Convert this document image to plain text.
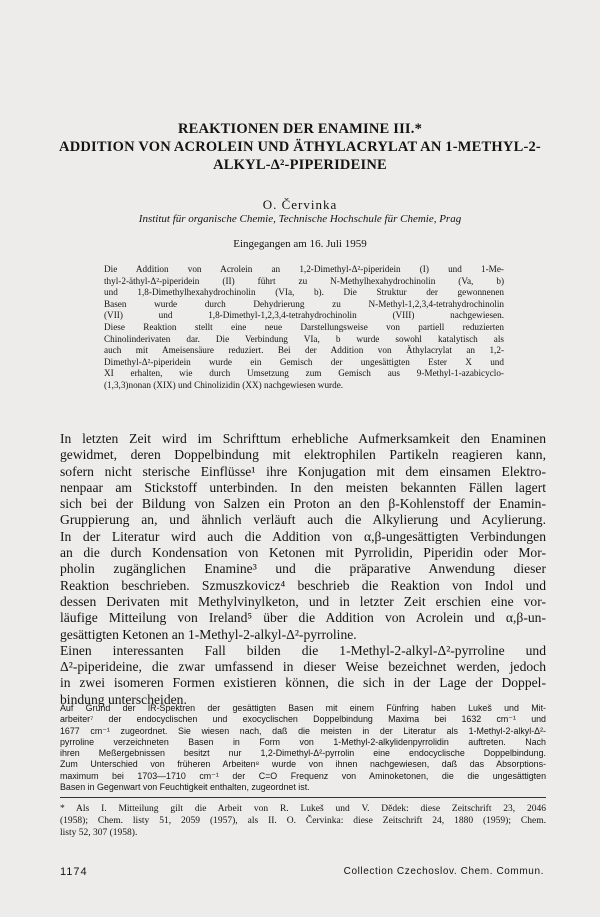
REAKTIONEN DER ENAMINE III.*
ADDITION VON ACROLEIN UND ÄTHYLACRYLAT AN 1-METHYL-2-
ALKYL-Δ²-PIPERIDEINE
O. Červinka
Institut für organische Chemie, Technische Hochschule für Chemie, Prag
Eingegangen am 16. Juli 1959
Die Addition von Acrolein an 1,2-Dimethyl-Δ²-piperidein (I) und 1-Me-
thyl-2-äthyl-Δ²-piperidein (II) führt zu N-Methylhexahydrochinolin (Va, b)
und 1,8-Dimethylhexahydrochinolin (VIa, b). Die Struktur der gewonnenen
Basen wurde durch Dehydrierung zu N-Methyl-1,2,3,4-tetrahydrochinolin
(VII) und 1,8-Dimethyl-1,2,3,4-tetrahydrochinolin (VIII) nachgewiesen.
Diese Reaktion stellt eine neue Darstellungsweise von partiell reduzierten
Chinolinderivaten dar. Die Verbindung VIa, b wurde sowohl katalytisch als
auch mit Ameisensäure reduziert. Bei der Addition von Äthylacrylat an 1,2-
Dimethyl-Δ²-piperidein wurde ein Gemisch der ungesättigten Ester X und
XI erhalten, wie durch Umsetzung zum Gemisch aus 9-Methyl-1-azabicyclo-
(1,3,3)nonan (XIX) und Chinolizidin (XX) nachgewiesen wurde.
In letzten Zeit wird im Schrifttum erhebliche Aufmerksamkeit den Enaminen
gewidmet, deren Doppelbindung mit elektrophilen Partikeln reagieren kann,
sofern nicht sterische Einflüsse¹ ihre Konjugation mit dem einsamen Elektro-
nenpaar am Stickstoff unterbinden. In den meisten bekannten Fällen lagert
sich bei der Bildung von Salzen ein Proton an den β-Kohlenstoff der Enamin-
Gruppierung an, und ähnlich verläuft auch die Alkylierung und Acylierung.
In der Literatur wird auch die Addition von α,β-ungesättigten Verbindungen
an die durch Kondensation von Ketonen mit Pyrrolidin, Piperidin oder Mor-
pholin zugänglichen Enamine³ und die präparative Anwendung dieser
Reaktion beschrieben. Szmuszkovicz⁴ beschrieb die Reaktion von Indol und
dessen Derivaten mit Methylvinylketon, und in letzter Zeit erschien eine vor-
läufige Mitteilung von Ireland⁵ über die Addition von Acrolein und α,β-un-
gesättigten Ketonen an 1-Methyl-2-alkyl-Δ²-pyrroline.
Einen interessanten Fall bilden die 1-Methyl-2-alkyl-Δ²-pyrroline und
Δ²-piperideine, die zwar umfassend in dieser Weise bezeichnet werden, jedoch
in zwei isomeren Formen existieren können, die sich in der Lage der Doppel-
bindung unterscheiden.
Auf Grund der IR-Spektren der gesättigten Basen mit einem Fünfring haben Lukeš und Mit-
arbeiter⁷ der endocyclischen und exocyclischen Doppelbindung Maxima bei 1632 cm⁻¹ und
1677 cm⁻¹ zugeordnet. Sie wiesen nach, daß die meisten in der Literatur als 1-Methyl-2-alkyl-Δ²-
pyrroline verzeichneten Basen in Form von 1-Methyl-2-alkylidenpyrrolidin auftreten. Nach
ihren Meßergebnissen besitzt nur 1,2-Dimethyl-Δ²-pyrrolin eine endocyclische Doppelbindung.
Zum Unterschied von früheren Arbeiten⁸ wurde von ihnen nachgewiesen, daß das Absorptions-
maximum bei 1703—1710 cm⁻¹ der C=O Frequenz von Aminoketonen, die die ungesättigten
Basen in Gegenwart von Feuchtigkeit enthalten, zugeordnet ist.
* Als I. Mitteilung gilt die Arbeit von R. Lukeš und V. Dědek: diese Zeitschrift 23, 2046
(1958); Chem. listy 51, 2059 (1957), als II. O. Červinka: diese Zeitschrift 24, 1880 (1959); Chem.
listy 52, 307 (1958).
1174	Collection Czechoslov. Chem. Commun.
